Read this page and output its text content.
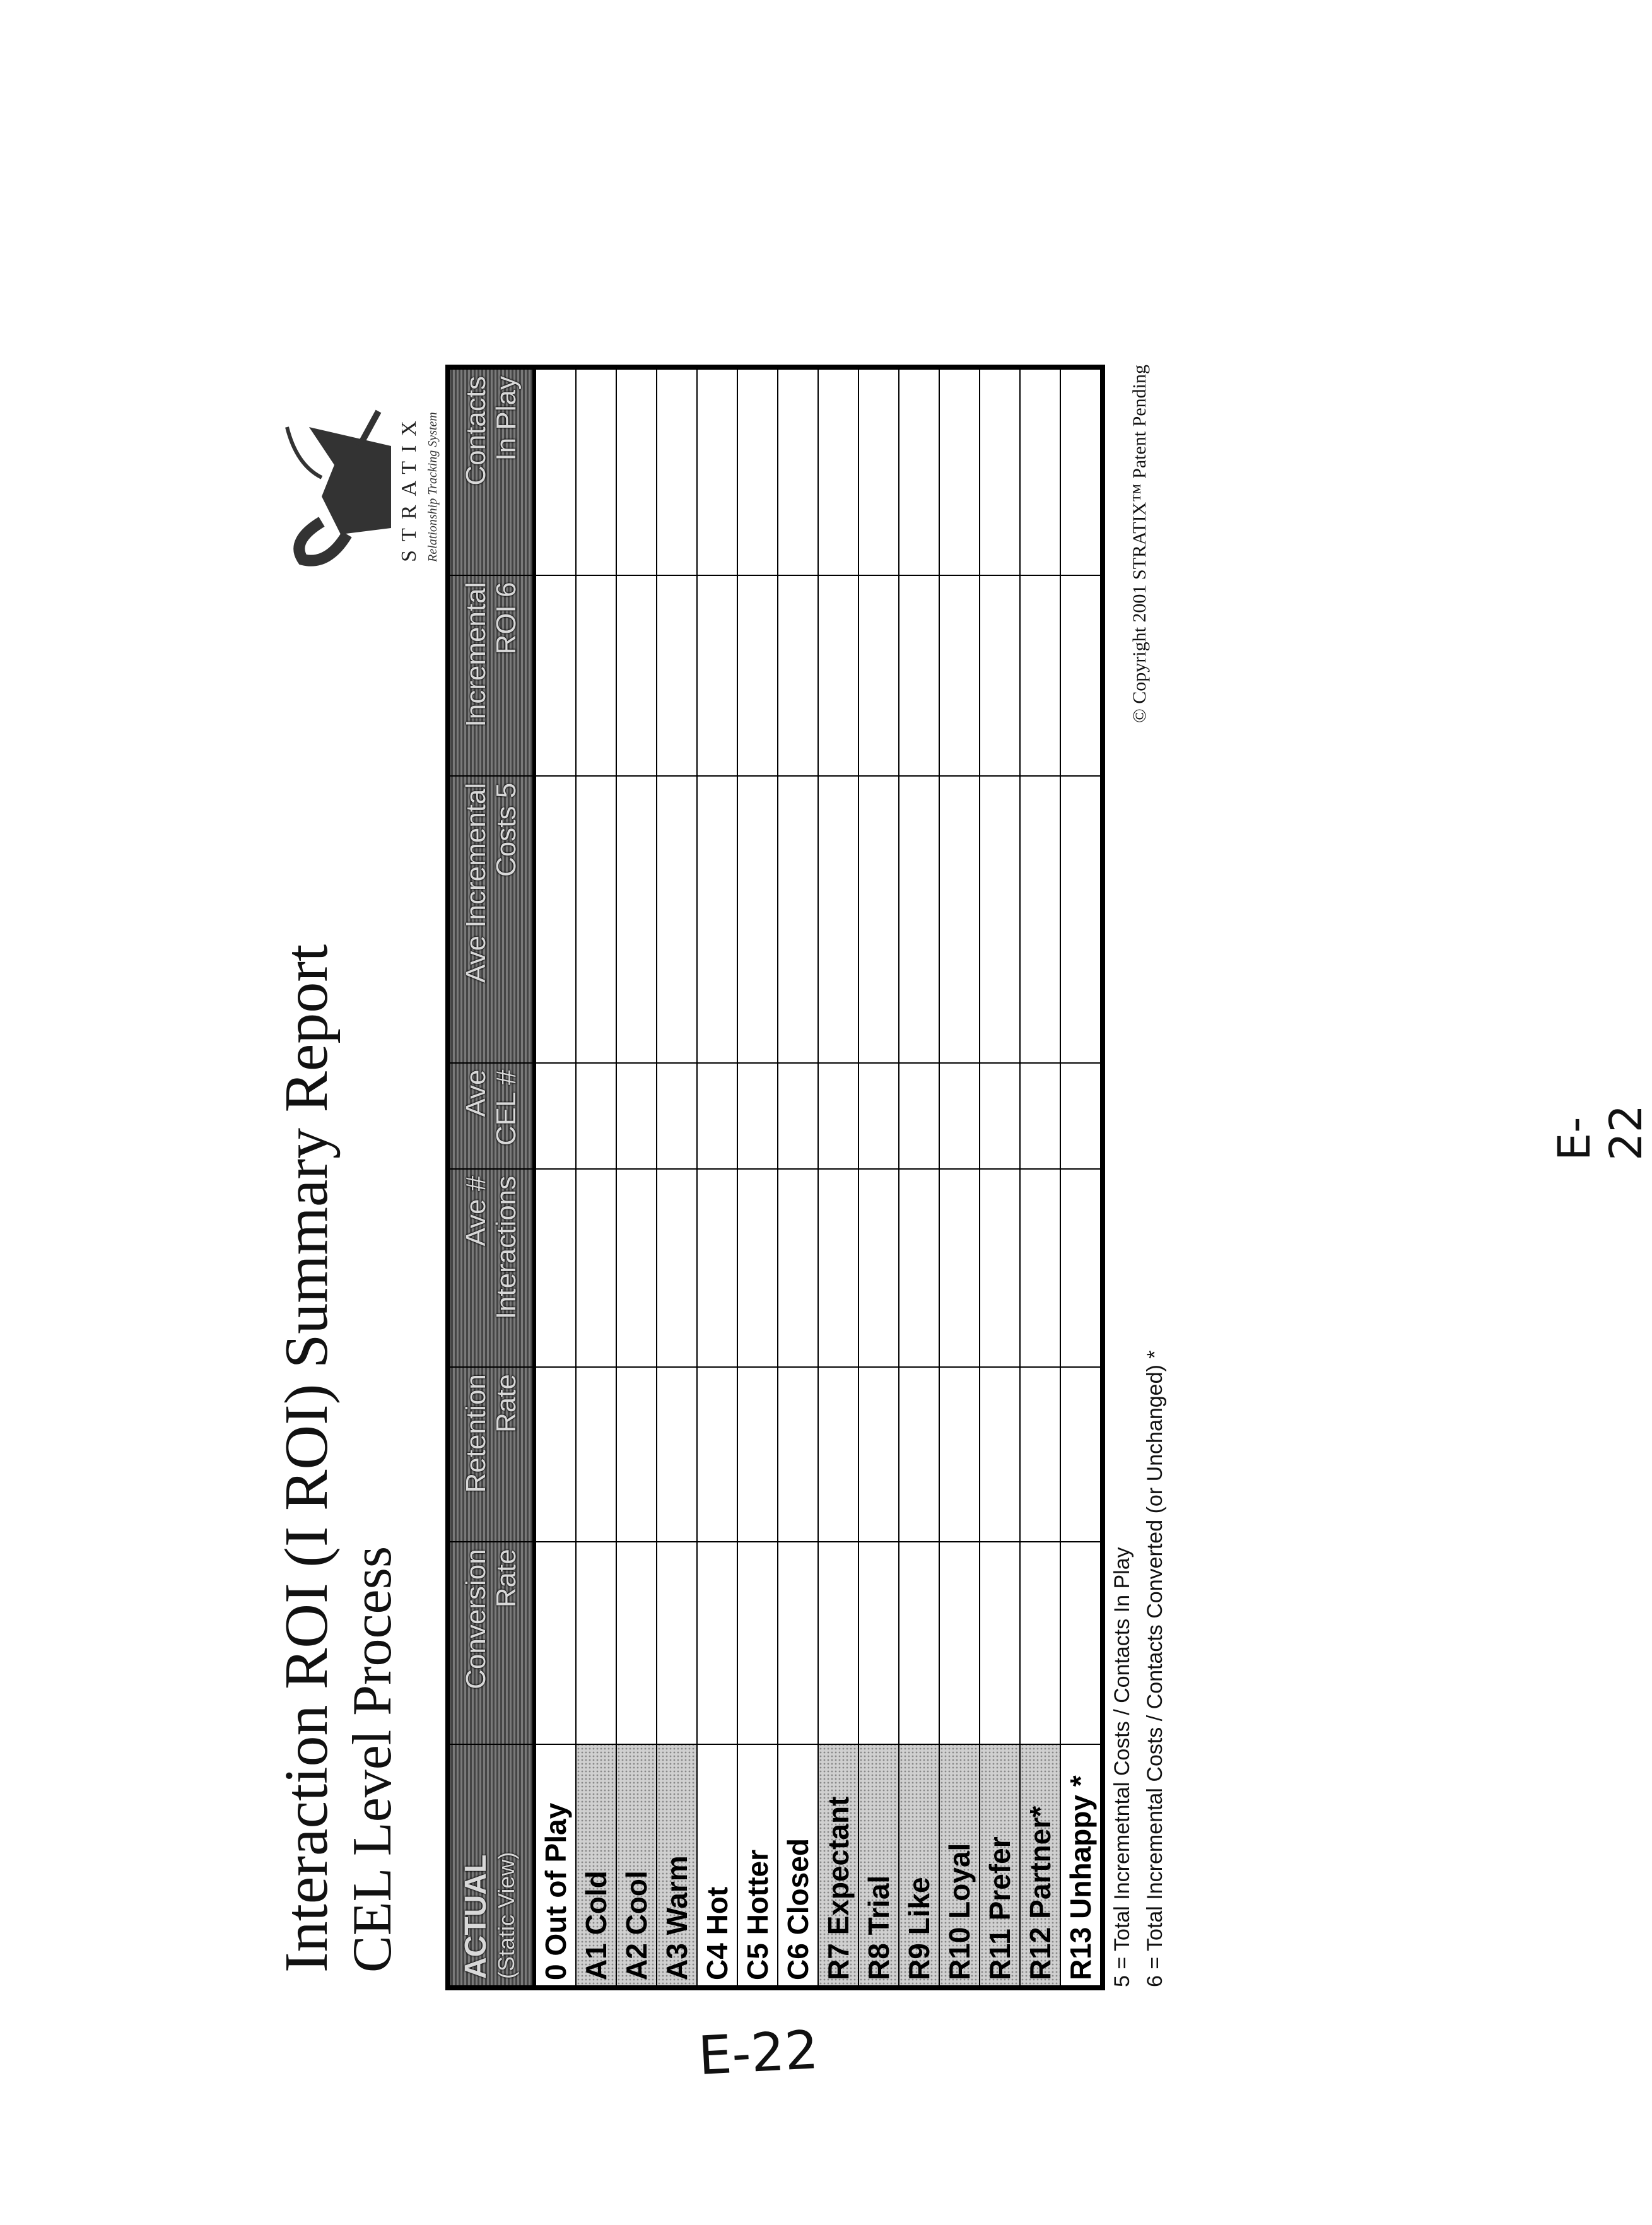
Interaction ROI (I ROI) Summary Report CEL Level Process
STRATIX Relationship Tracking System
ACTUAL (Static View)

Conversion Rate

Retention Rate

Ave # Interactions

Ave CEL #

Ave Incremental Costs 5

Incremental ROI 6

Contacts In Play

0 Out of Play							A1 Cold							A2 Cool							A3 Warm							C4 Hot							C5 Hotter							C6 Closed							R7 Expectant							R8 Trial							R9 Like							R10 Loyal							R11 Prefer							R12 Partner*							R13 Unhappy *							5 = Total Incremetntal Costs / Contacts In Play 6 = Total Incremental Costs / Contacts Converted (or Unchanged) *
© Copyright 2001 STRATIX™ Patent Pending
E-22
E-22
